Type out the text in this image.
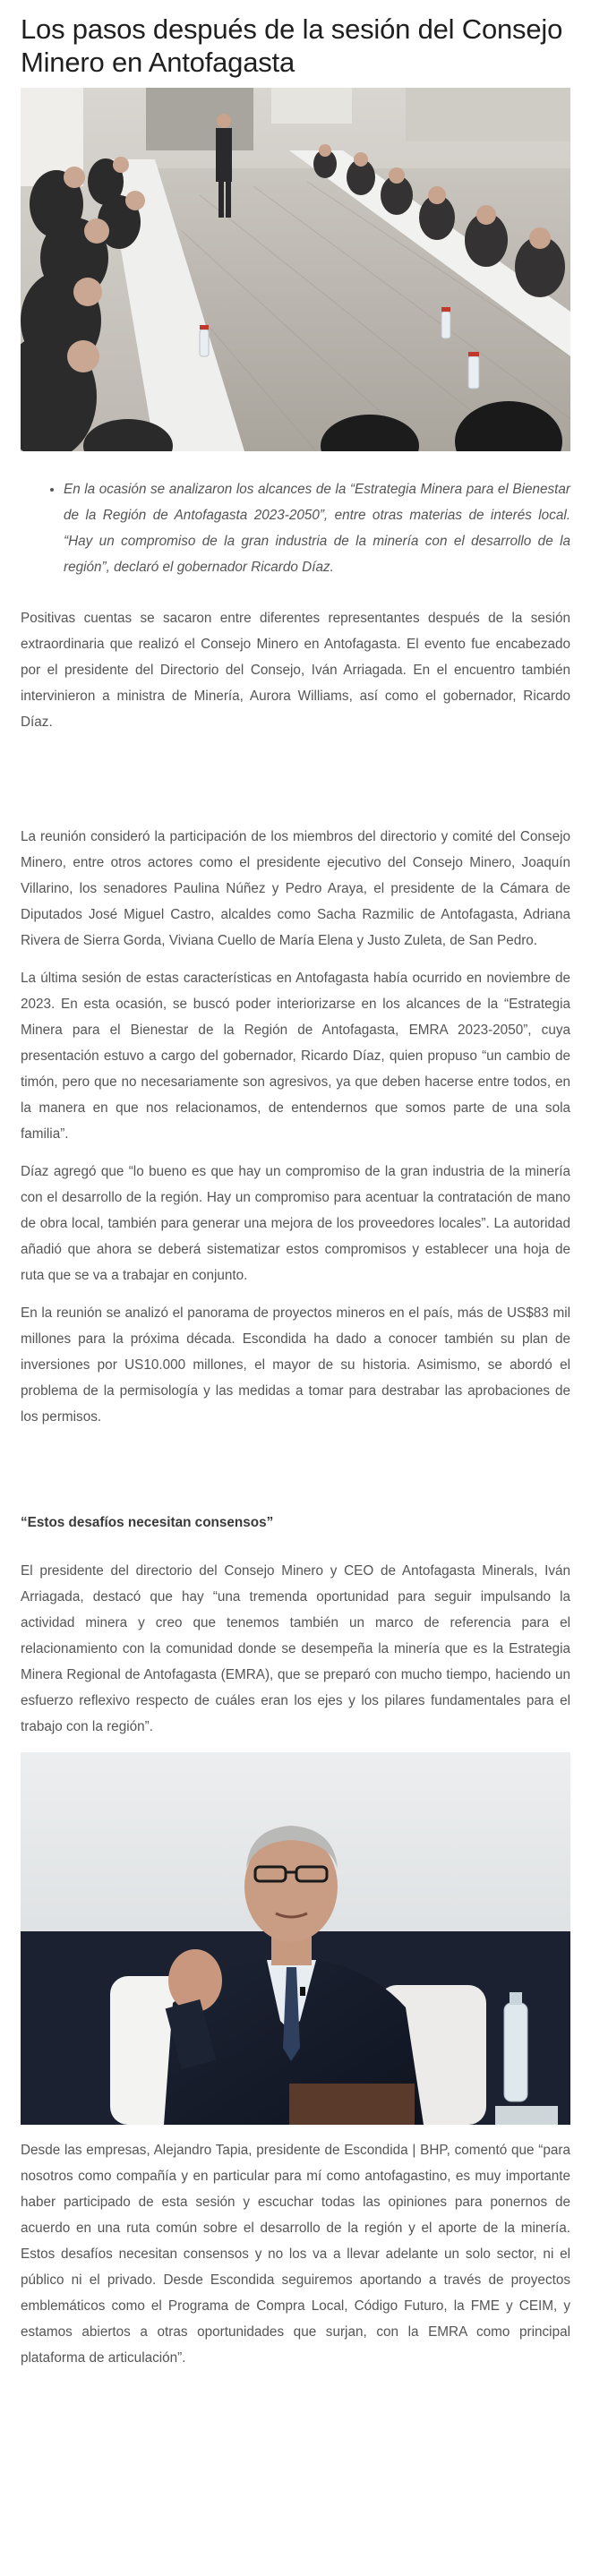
Los pasos después de la sesión del Consejo Minero en Antofagasta
• En la ocasión se analizaron los alcances de la “Estrategia Minera para el Bienestar de la Región de Antofagasta 2023-2050”, entre otras materias de interés local. “Hay un compromiso de la gran industria de la minería con el desarrollo de la región”, declaró el gobernador Ricardo Díaz.

Positivas cuentas se sacaron entre diferentes representantes después de la sesión extraordinaria que realizó el Consejo Minero en Antofagasta. El evento fue encabezado por el presidente del Directorio del Consejo, Iván Arriagada. En el encuentro también intervinieron a ministra de Minería, Aurora Williams, así como el gobernador, Ricardo Díaz.

La reunión consideró la participación de los miembros del directorio y comité del Consejo Minero, entre otros actores como el presidente ejecutivo del Consejo Minero, Joaquín Villarino, los senadores Paulina Núñez y Pedro Araya, el presidente de la Cámara de Diputados José Miguel Castro, alcaldes como Sacha Razmilic de Antofagasta, Adriana Rivera de Sierra Gorda, Viviana Cuello de María Elena y Justo Zuleta, de San Pedro.

La última sesión de estas características en Antofagasta había ocurrido en noviembre de 2023. En esta ocasión, se buscó poder interiorizarse en los alcances de la “Estrategia Minera para el Bienestar de la Región de Antofagasta, EMRA 2023-2050”, cuya presentación estuvo a cargo del gobernador, Ricardo Díaz, quien propuso “un cambio de timón, pero que no necesariamente son agresivos, ya que deben hacerse entre todos, en la manera en que nos relacionamos, de entendernos que somos parte de una sola familia”.

Díaz agregó que “lo bueno es que hay un compromiso de la gran industria de la minería con el desarrollo de la región. Hay un compromiso para acentuar la contratación de mano de obra local, también para generar una mejora de los proveedores locales”. La autoridad añadió que ahora se deberá sistematizar estos compromisos y establecer una hoja de ruta que se va a trabajar en conjunto.

En la reunión se analizó el panorama de proyectos mineros en el país, más de US$83 mil millones para la próxima década. Escondida ha dado a conocer también su plan de inversiones por US10.000 millones, el mayor de su historia. Asimismo, se abordó el problema de la permisología y las medidas a tomar para destrabar las aprobaciones de los permisos.

“Estos desafíos necesitan consensos”

El presidente del directorio del Consejo Minero y CEO de Antofagasta Minerals, Iván Arriagada, destacó que hay “una tremenda oportunidad para seguir impulsando la actividad minera y creo que tenemos también un marco de referencia para el relacionamiento con la comunidad donde se desempeña la minería que es la Estrategia Minera Regional de Antofagasta (EMRA), que se preparó con mucho tiempo, haciendo un esfuerzo reflexivo respecto de cuáles eran los ejes y los pilares fundamentales para el trabajo con la región”.

Desde las empresas, Alejandro Tapia, presidente de Escondida | BHP, comentó que “para nosotros como compañía y en particular para mí como antofagastino, es muy importante haber participado de esta sesión y escuchar todas las opiniones para ponernos de acuerdo en una ruta común sobre el desarrollo de la región y el aporte de la minería. Estos desafíos necesitan consensos y no los va a llevar adelante un solo sector, ni el público ni el privado. Desde Escondida seguiremos aportando a través de proyectos emblemáticos como el Programa de Compra Local, Código Futuro, la FME y CEIM, y estamos abiertos a otras oportunidades que surjan, con la EMRA como principal plataforma de articulación”.
